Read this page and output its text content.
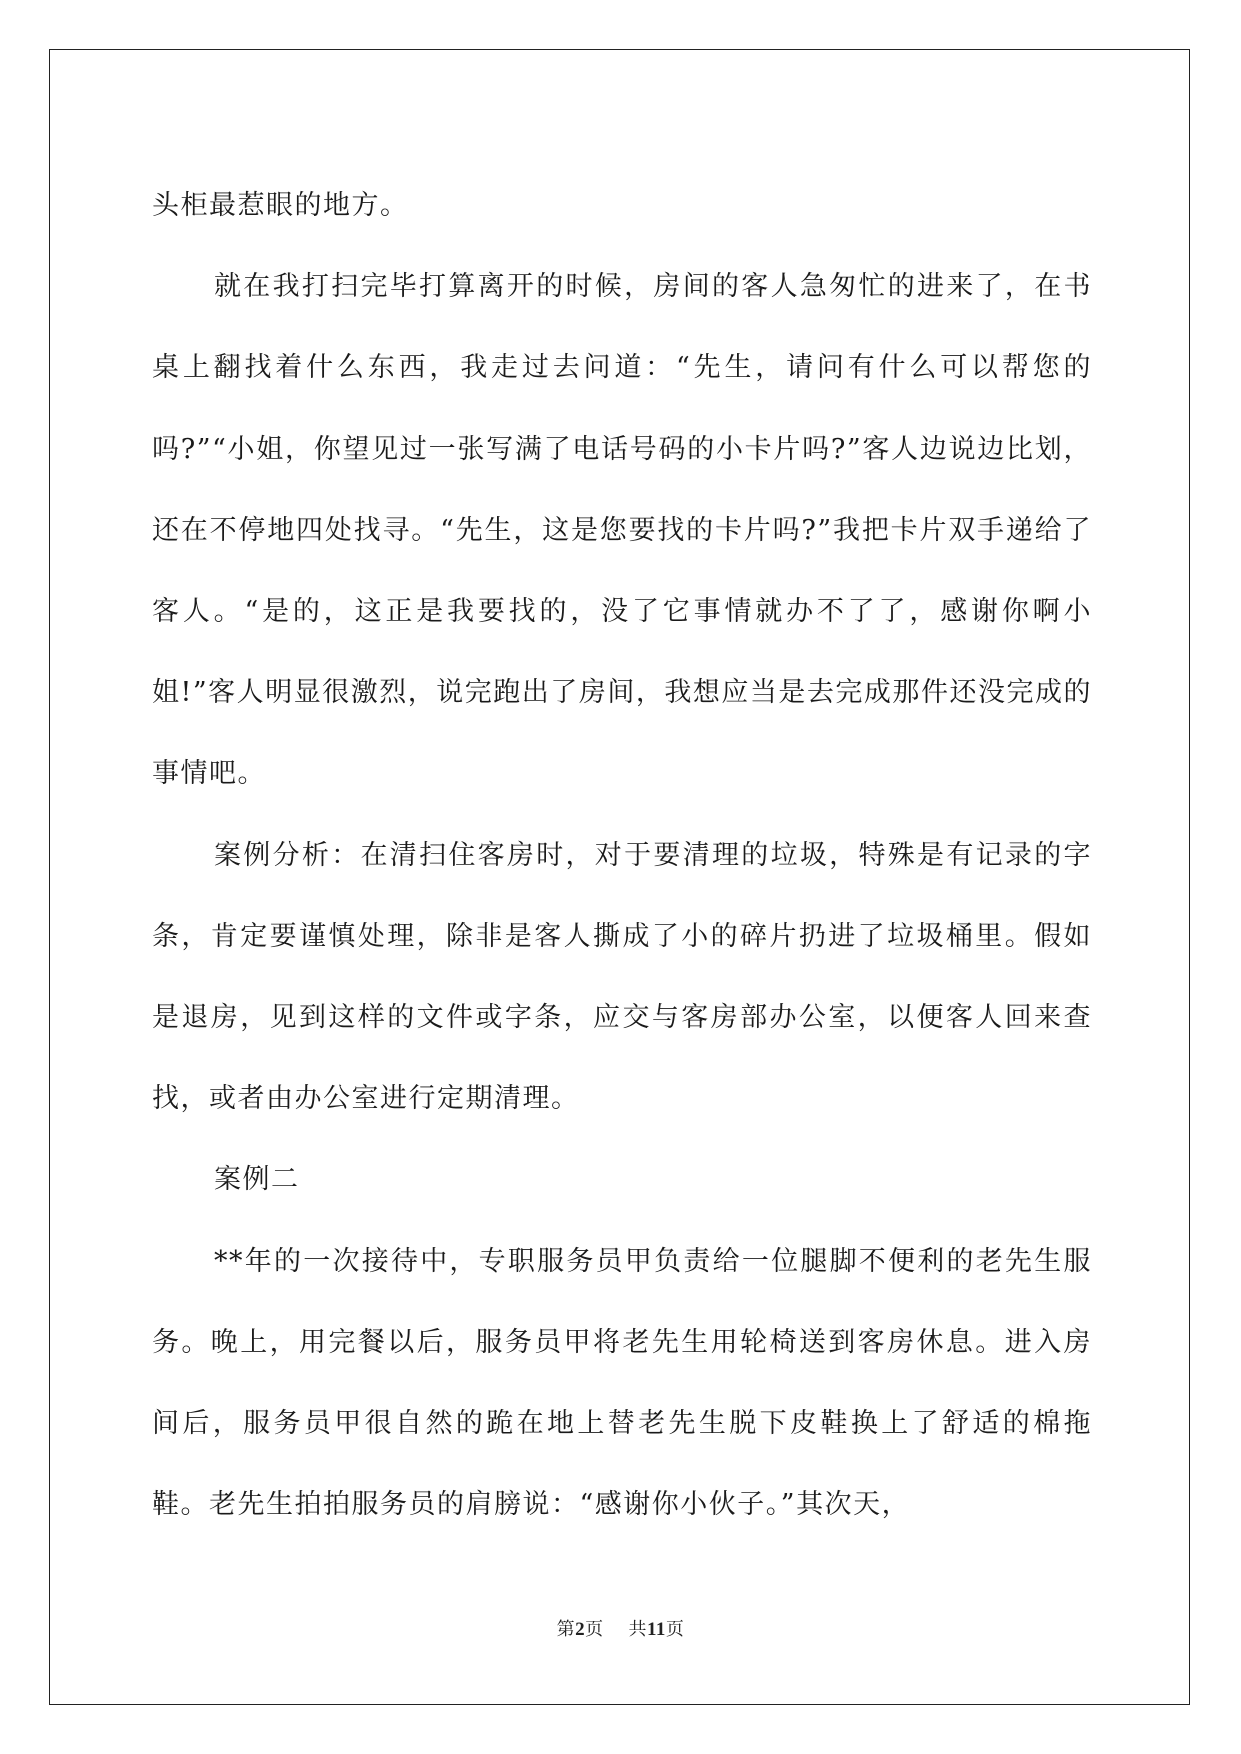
头柜最惹眼的地方。

就在我打扫完毕打算离开的时候，房间的客人急匆忙的进来了，在书桌上翻找着什么东西，我走过去问道：“先生，请问有什么可以帮您的吗?”“小姐，你望见过一张写满了电话号码的小卡片吗?”客人边说边比划，还在不停地四处找寻。“先生，这是您要找的卡片吗?”我把卡片双手递给了客人。“是的，这正是我要找的，没了它事情就办不了了，感谢你啊小姐!”客人明显很激烈，说完跑出了房间，我想应当是去完成那件还没完成的事情吧。

案例分析：在清扫住客房时，对于要清理的垃圾，特殊是有记录的字条，肯定要谨慎处理，除非是客人撕成了小的碎片扔进了垃圾桶里。假如是退房，见到这样的文件或字条，应交与客房部办公室，以便客人回来查找，或者由办公室进行定期清理。

案例二

**年的一次接待中，专职服务员甲负责给一位腿脚不便利的老先生服务。晚上，用完餐以后，服务员甲将老先生用轮椅送到客房休息。进入房间后，服务员甲很自然的跪在地上替老先生脱下皮鞋换上了舒适的棉拖鞋。老先生拍拍服务员的肩膀说：“感谢你小伙子。”其次天，

第2页 共11页
